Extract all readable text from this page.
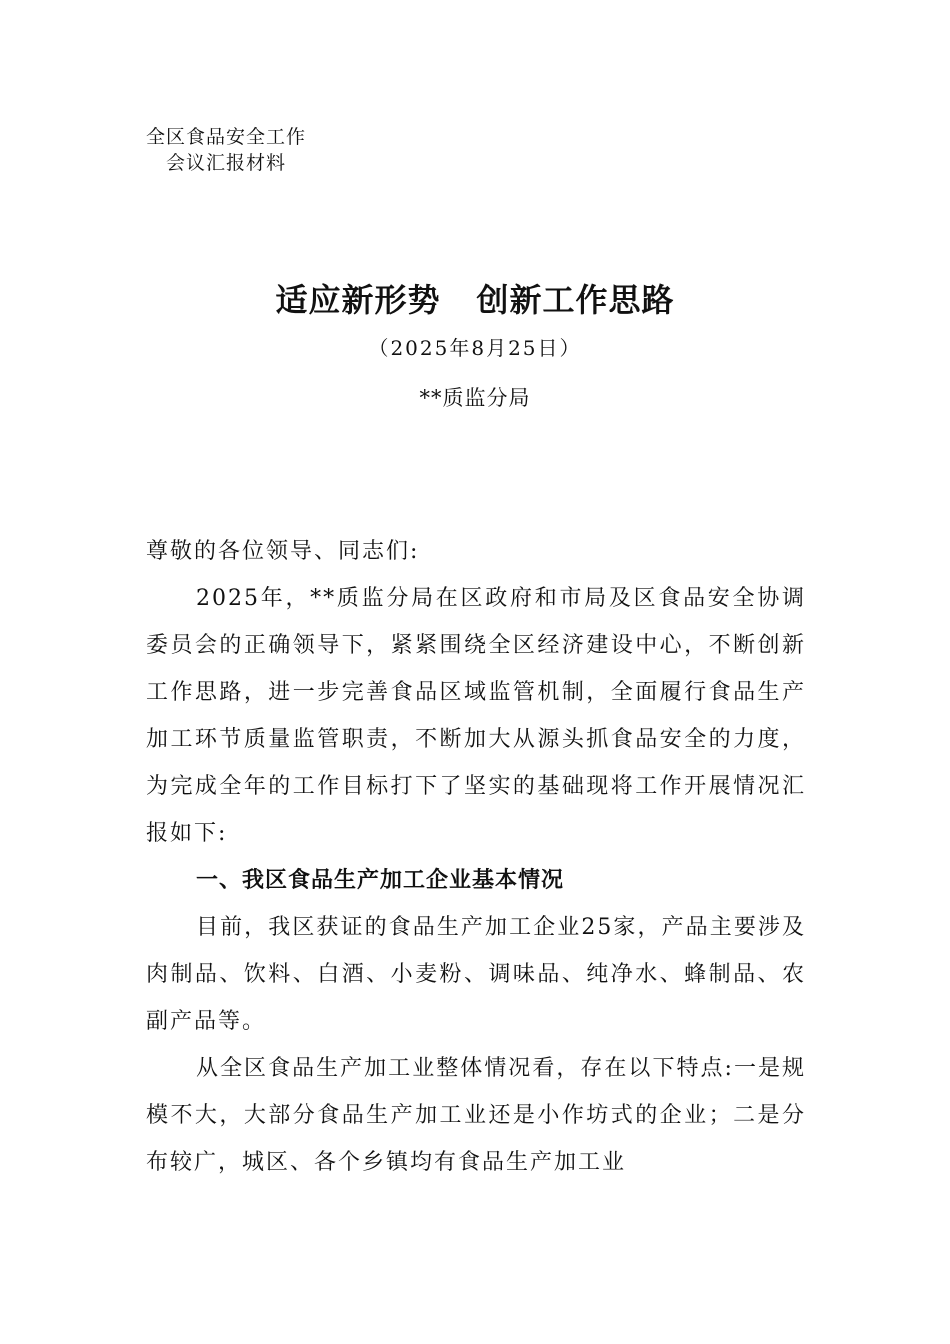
全区食品安全工作
会议汇报材料
适应新形势 创新工作思路
（2025年8月25日）
**质监分局

尊敬的各位领导、同志们:

2025年，**质监分局在区政府和市局及区食品安全协调委员会的正确领导下，紧紧围绕全区经济建设中心，不断创新工作思路，进一步完善食品区域监管机制，全面履行食品生产加工环节质量监管职责，不断加大从源头抓食品安全的力度，为完成全年的工作目标打下了坚实的基础现将工作开展情况汇报如下:

一、我区食品生产加工企业基本情况

目前，我区获证的食品生产加工企业25家，产品主要涉及肉制品、饮料、白酒、小麦粉、调味品、纯净水、蜂制品、农副产品等。

从全区食品生产加工业整体情况看，存在以下特点:一是规模不大，大部分食品生产加工业还是小作坊式的企业；二是分布较广，城区、各个乡镇均有食品生产加工业
